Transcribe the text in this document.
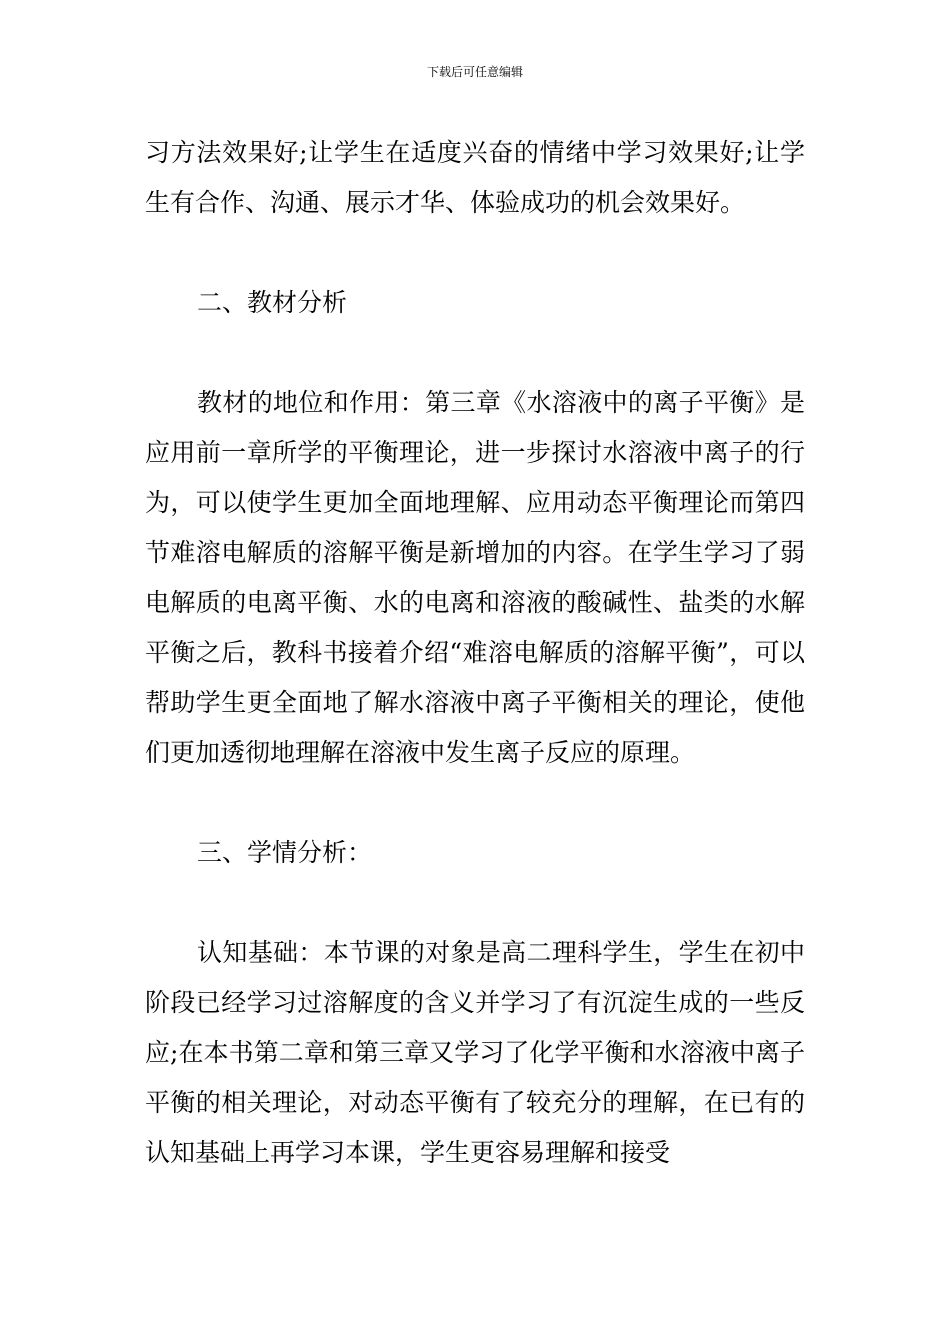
下载后可任意编辑

习方法效果好;让学生在适度兴奋的情绪中学习效果好;让学生有合作、沟通、展示才华、体验成功的机会效果好。

二、教材分析

教材的地位和作用：第三章《水溶液中的离子平衡》是应用前一章所学的平衡理论，进一步探讨水溶液中离子的行为，可以使学生更加全面地理解、应用动态平衡理论而第四节难溶电解质的溶解平衡是新增加的内容。在学生学习了弱电解质的电离平衡、水的电离和溶液的酸碱性、盐类的水解平衡之后，教科书接着介绍“难溶电解质的溶解平衡”，可以帮助学生更全面地了解水溶液中离子平衡相关的理论，使他们更加透彻地理解在溶液中发生离子反应的原理。

三、学情分析：

认知基础：本节课的对象是高二理科学生，学生在初中阶段已经学习过溶解度的含义并学习了有沉淀生成的一些反应;在本书第二章和第三章又学习了化学平衡和水溶液中离子平衡的相关理论，对动态平衡有了较充分的理解，在已有的认知基础上再学习本课，学生更容易理解和接受
